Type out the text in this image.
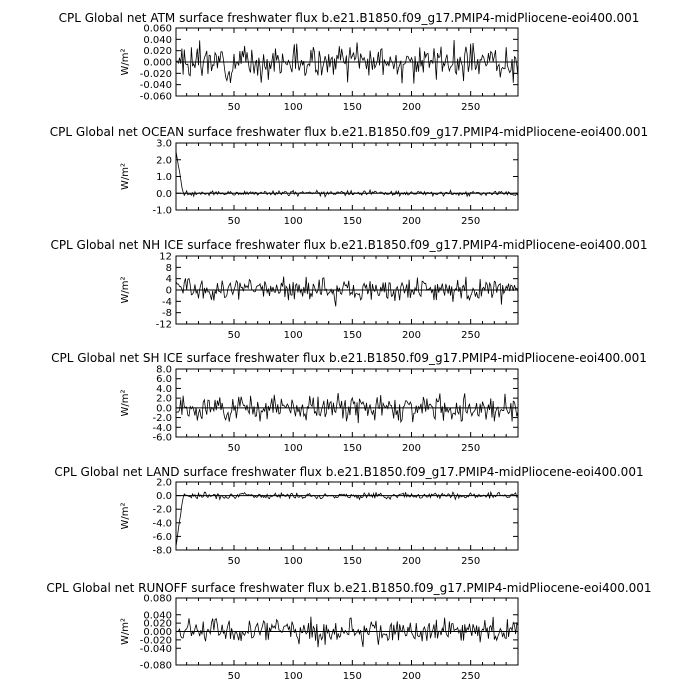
CPL Global net ATM surface freshwater flux b.e21.B1850.f09_g17.PMIP4-midPliocene-eoi400.001
50	100	150	200	250
0.060
0.040
0.020
0.000
-0.020
-0.040
-0.060
W/m²
CPL Global net OCEAN surface freshwater flux b.e21.B1850.f09_g17.PMIP4-midPliocene-eoi400.001
50	100	150	200	250
3.0
2.0
1.0
0.0
-1.0
W/m²
CPL Global net NH ICE surface freshwater flux b.e21.B1850.f09_g17.PMIP4-midPliocene-eoi400.001
50	100	150	200	250
12
8
4
0
-4
-8
-12
W/m²
CPL Global net SH ICE surface freshwater flux b.e21.B1850.f09_g17.PMIP4-midPliocene-eoi400.001
50	100	150	200	250
8.0
6.0
4.0
2.0
0.0
-2.0
-4.0
-6.0
W/m²
CPL Global net LAND surface freshwater flux b.e21.B1850.f09_g17.PMIP4-midPliocene-eoi400.001
50	100	150	200	250
2.0
0.0
-2.0
-4.0
-6.0
-8.0
W/m²
CPL Global net RUNOFF surface freshwater flux b.e21.B1850.f09_g17.PMIP4-midPliocene-eoi400.001
50	100	150	200	250
0.080
0.040
0.020
0.000
-0.020
-0.040
-0.080
W/m²
